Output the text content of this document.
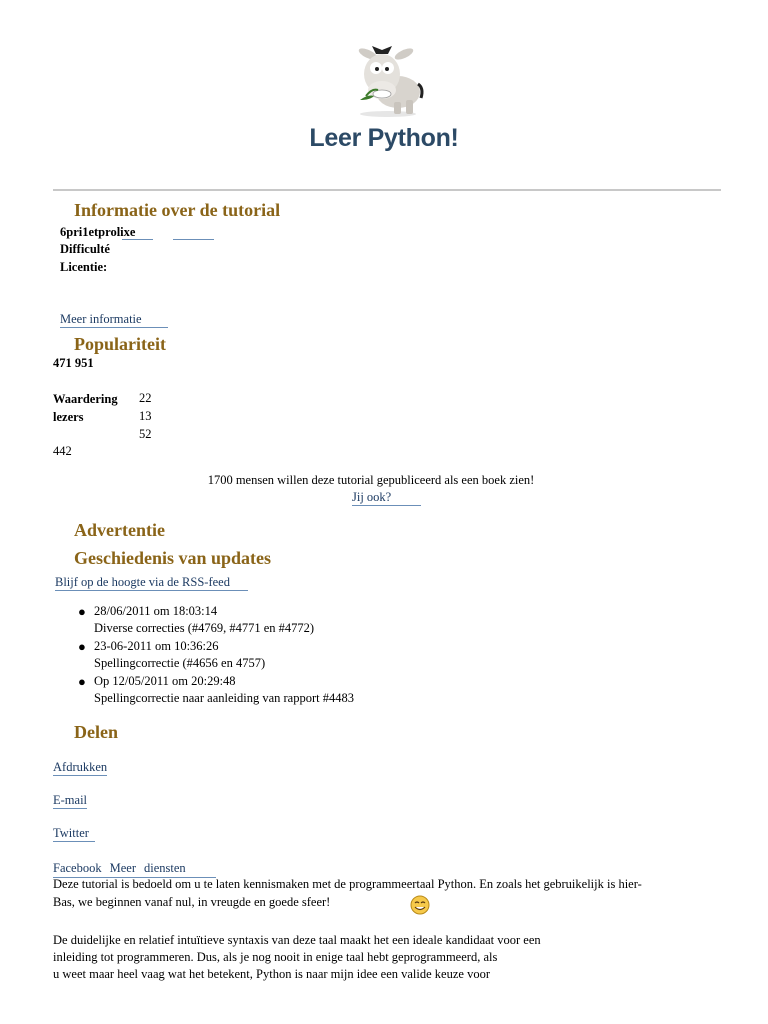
Leer Python!
Informatie over de tutorial
6pri1etprolixe
Difficulté
Licentie:
Meer informatie
Populariteit
471 951
Waardering
lezers
22
13
52
442
1700 mensen willen deze tutorial gepubliceerd als een boek zien!
Jij ook?
Advertentie
Geschiedenis van updates
Blijf op de hoogte via de RSS-feed
● 28/06/2011 om 18:03:14
Diverse correcties (#4769, #4771 en #4772)
● 23-06-2011 om 10:36:26
Spellingcorrectie (#4656 en 4757)
● Op 12/05/2011 om 20:29:48
Spellingcorrectie naar aanleiding van rapport #4483
Delen
Afdrukken
E-mail
Twitter
Facebook Meer diensten
Deze tutorial is bedoeld om u te laten kennismaken met de programmeertaal Python. En zoals het gebruikelijk is hier-
Bas, we beginnen vanaf nul, in vreugde en goede sfeer!
De duidelijke en relatief intuïtieve syntaxis van deze taal maakt het een ideale kandidaat voor een
inleiding tot programmeren. Dus, als je nog nooit in enige taal hebt geprogrammeerd, als
u weet maar heel vaag wat het betekent, Python is naar mijn idee een valide keuze voor
